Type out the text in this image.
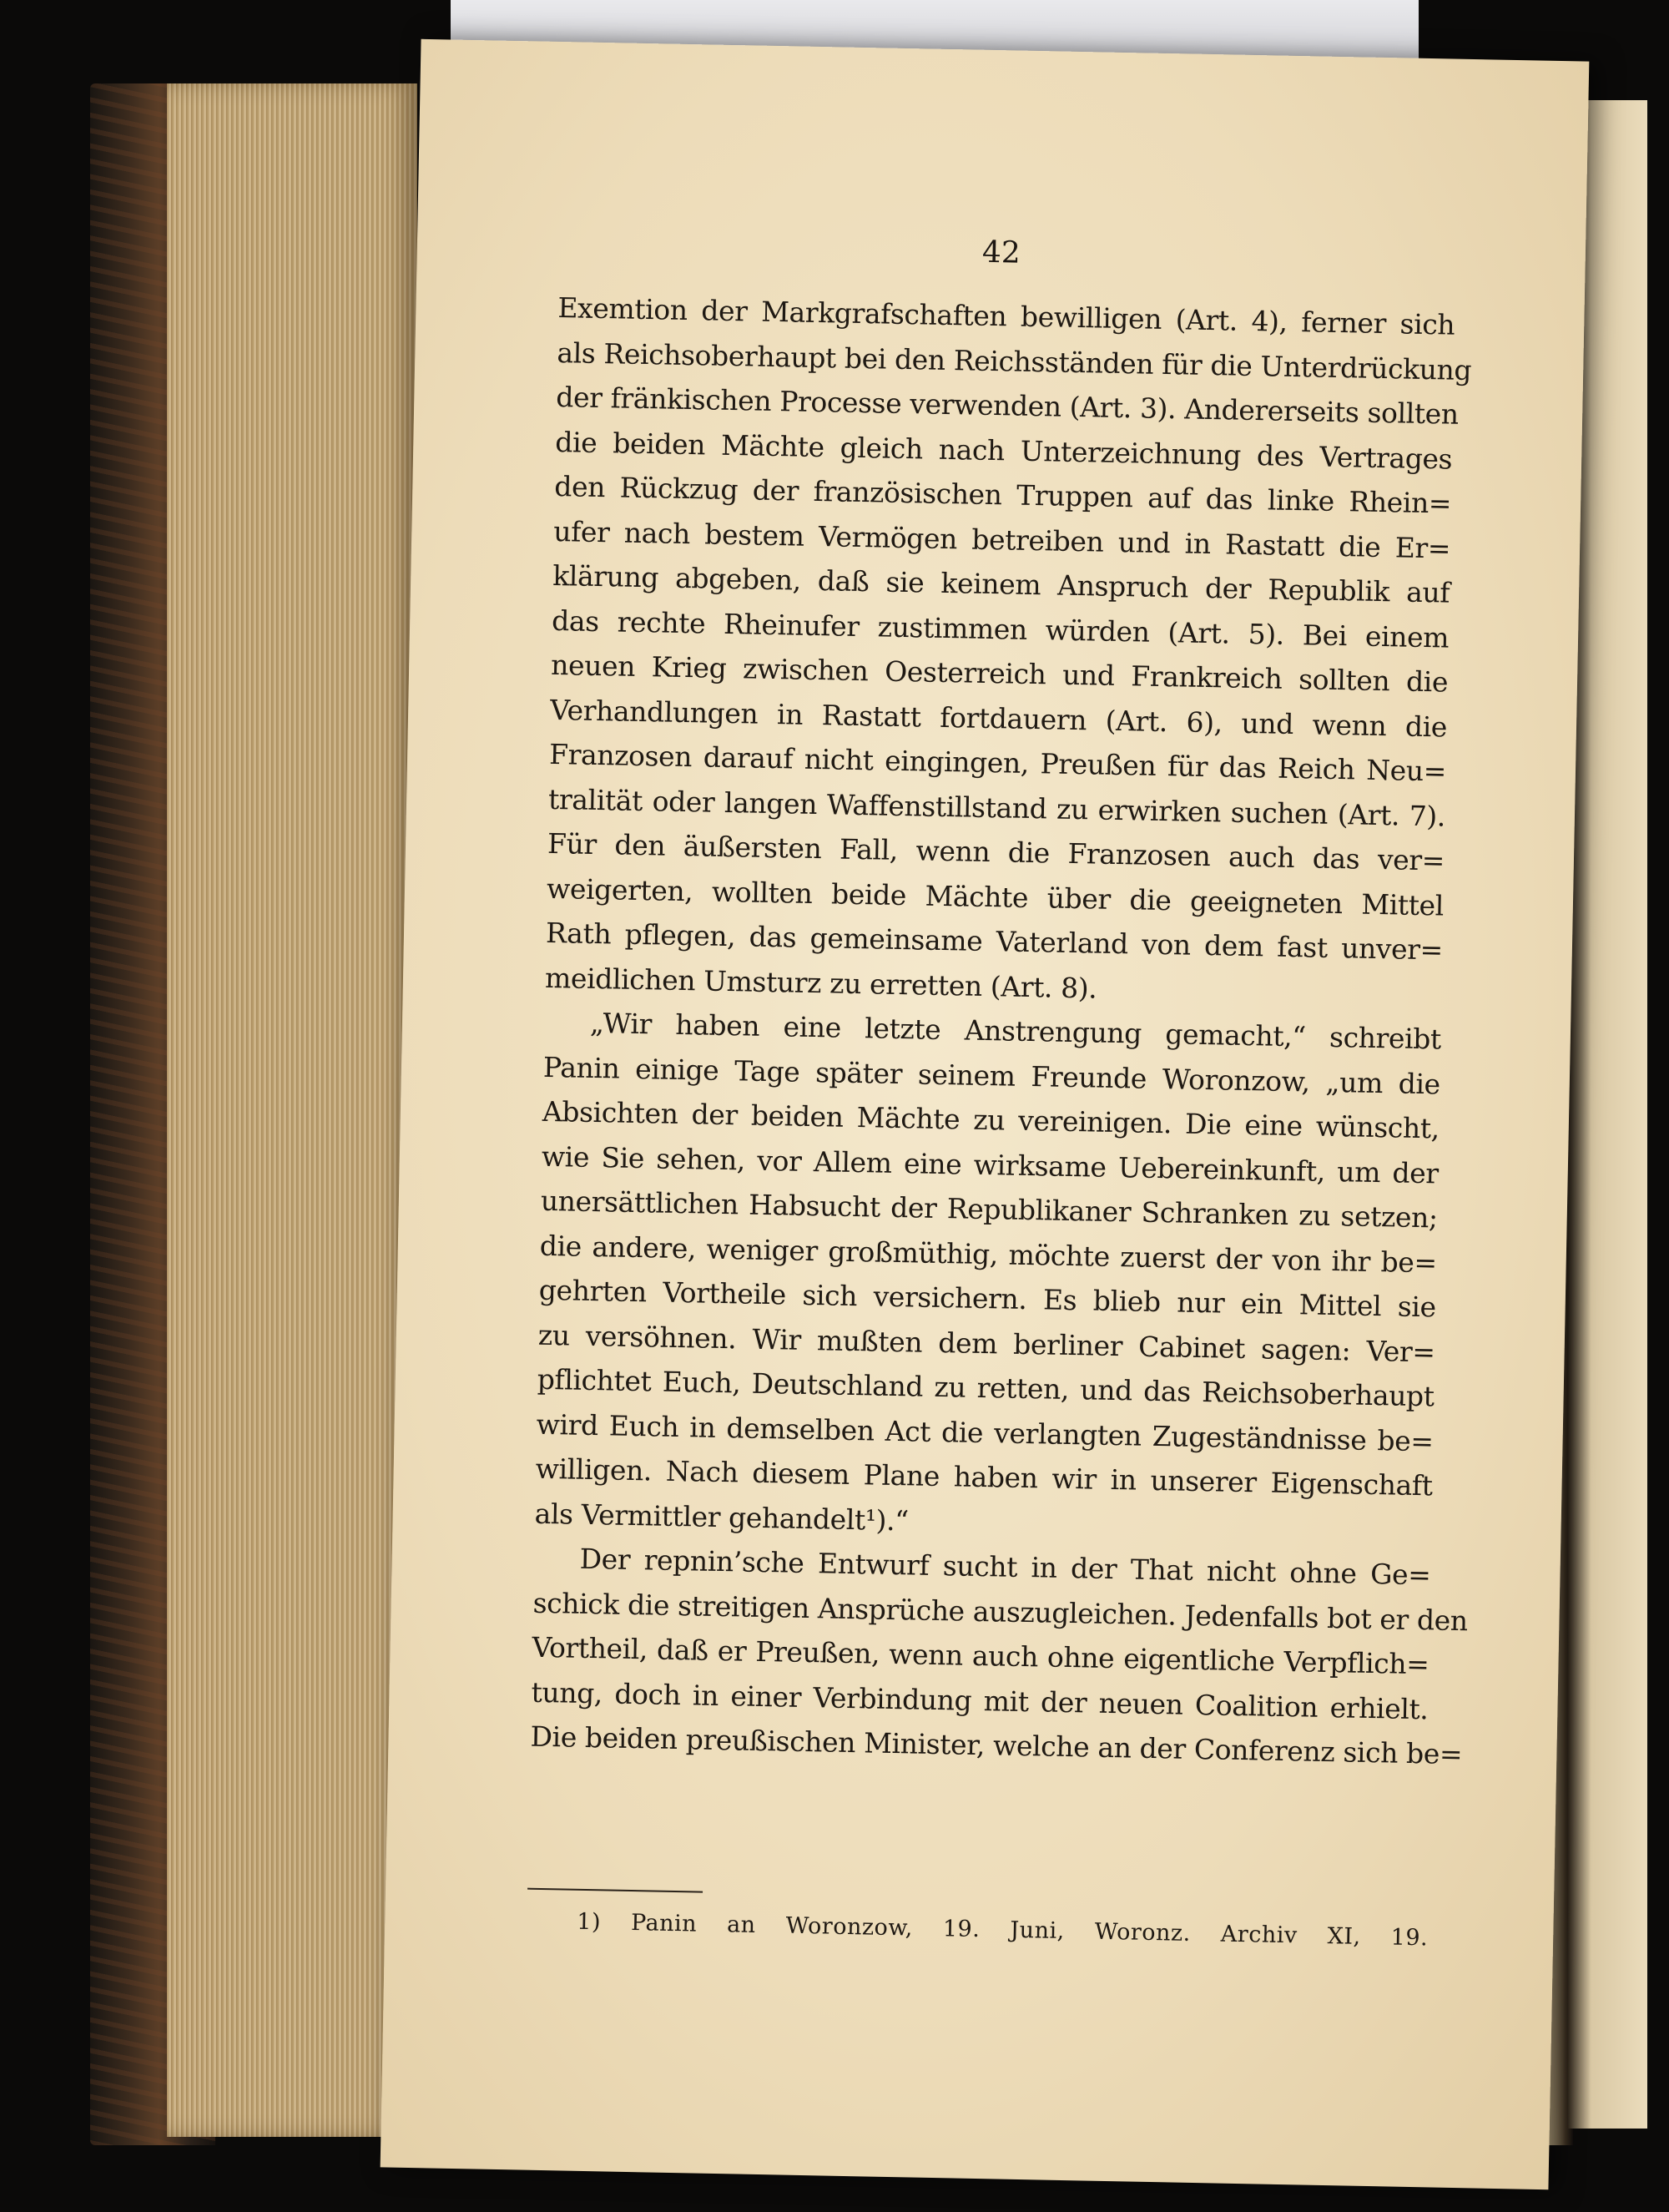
42
Exemtion der Markgrafschaften bewilligen (Art. 4), ferner sich
als Reichsoberhaupt bei den Reichsständen für die Unterdrückung
der fränkischen Processe verwenden (Art. 3). Andererseits sollten
die beiden Mächte gleich nach Unterzeichnung des Vertrages
den Rückzug der französischen Truppen auf das linke Rhein=
ufer nach bestem Vermögen betreiben und in Rastatt die Er=
klärung abgeben, daß sie keinem Anspruch der Republik auf
das rechte Rheinufer zustimmen würden (Art. 5). Bei einem
neuen Krieg zwischen Oesterreich und Frankreich sollten die
Verhandlungen in Rastatt fortdauern (Art. 6), und wenn die
Franzosen darauf nicht eingingen, Preußen für das Reich Neu=
tralität oder langen Waffenstillstand zu erwirken suchen (Art. 7).
Für den äußersten Fall, wenn die Franzosen auch das ver=
weigerten, wollten beide Mächte über die geeigneten Mittel
Rath pflegen, das gemeinsame Vaterland von dem fast unver=
meidlichen Umsturz zu erretten (Art. 8).
„Wir haben eine letzte Anstrengung gemacht,“ schreibt
Panin einige Tage später seinem Freunde Woronzow, „um die
Absichten der beiden Mächte zu vereinigen. Die eine wünscht,
wie Sie sehen, vor Allem eine wirksame Uebereinkunft, um der
unersättlichen Habsucht der Republikaner Schranken zu setzen;
die andere, weniger großmüthig, möchte zuerst der von ihr be=
gehrten Vortheile sich versichern. Es blieb nur ein Mittel sie
zu versöhnen. Wir mußten dem berliner Cabinet sagen: Ver=
pflichtet Euch, Deutschland zu retten, und das Reichsoberhaupt
wird Euch in demselben Act die verlangten Zugeständnisse be=
willigen. Nach diesem Plane haben wir in unserer Eigenschaft
als Vermittler gehandelt¹).“
Der repnin’sche Entwurf sucht in der That nicht ohne Ge=
schick die streitigen Ansprüche auszugleichen. Jedenfalls bot er den
Vortheil, daß er Preußen, wenn auch ohne eigentliche Verpflich=
tung, doch in einer Verbindung mit der neuen Coalition erhielt.
Die beiden preußischen Minister, welche an der Conferenz sich be=
1) Panin an Woronzow, 19. Juni, Woronz. Archiv XI, 19.
